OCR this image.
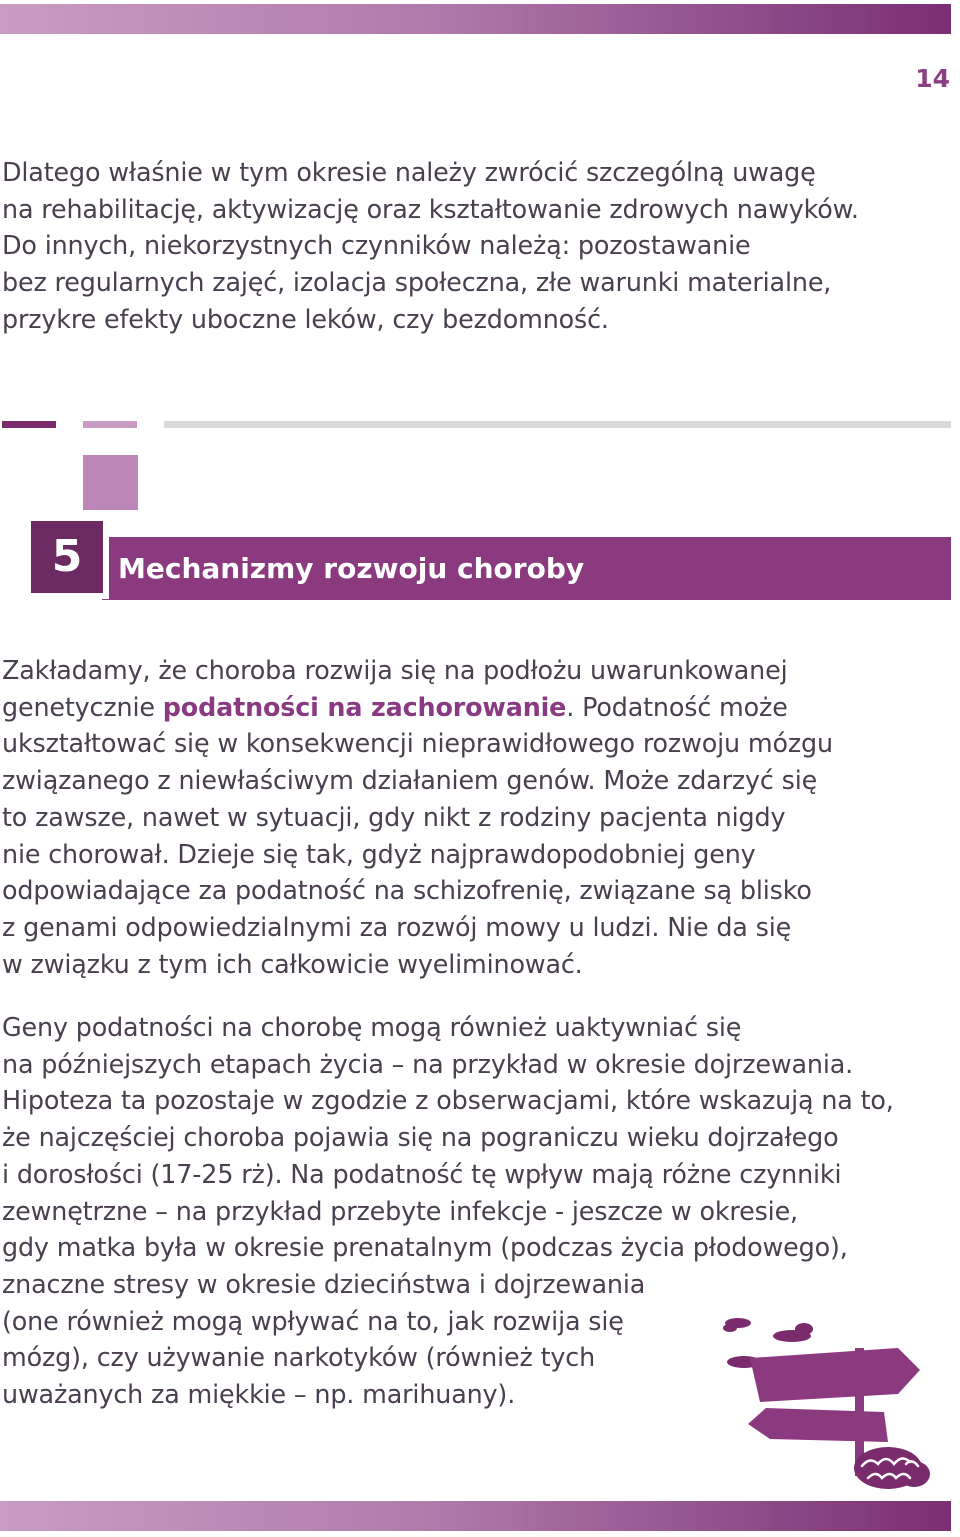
14

Dlatego właśnie w tym okresie należy zwrócić szczególną uwagę
na rehabilitację, aktywizację oraz kształtowanie zdrowych nawyków.
Do innych, niekorzystnych czynników należą: pozostawanie
bez regularnych zajęć, izolacja społeczna, złe warunki materialne,
przykre efekty uboczne leków, czy bezdomność.

Mechanizmy rozwoju choroby
5

Zakładamy, że choroba rozwija się na podłożu uwarunkowanej
genetycznie podatności na zachorowanie. Podatność może
ukształtować się w konsekwencji nieprawidłowego rozwoju mózgu
związanego z niewłaściwym działaniem genów. Może zdarzyć się
to zawsze, nawet w sytuacji, gdy nikt z rodziny pacjenta nigdy
nie chorował. Dzieje się tak, gdyż najprawdopodobniej geny
odpowiadające za podatność na schizofrenię, związane są blisko
z genami odpowiedzialnymi za rozwój mowy u ludzi. Nie da się
w związku z tym ich całkowicie wyeliminować.

Geny podatności na chorobę mogą również uaktywniać się
na późniejszych etapach życia – na przykład w okresie dojrzewania.
Hipoteza ta pozostaje w zgodzie z obserwacjami, które wskazują na to,
że najczęściej choroba pojawia się na pograniczu wieku dojrzałego
i dorosłości (17-25 rż). Na podatność tę wpływ mają różne czynniki
zewnętrzne – na przykład przebyte infekcje - jeszcze w okresie,
gdy matka była w okresie prenatalnym (podczas życia płodowego),
znaczne stresy w okresie dzieciństwa i dojrzewania
(one również mogą wpływać na to, jak rozwija się
mózg), czy używanie narkotyków (również tych
uważanych za miękkie – np. marihuany).
